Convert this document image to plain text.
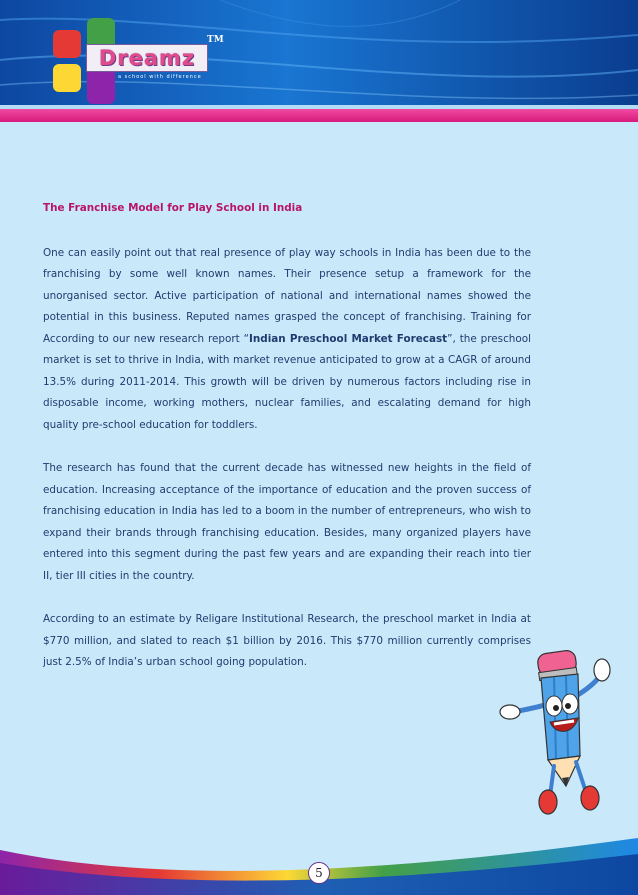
Dreamz
a school with difference
TM
The Franchise Model for Play School in India

One can easily point out that real presence of play way schools in India has been due to the franchising by some well known names. Their presence setup a framework for the unorganised sector. Active participation of national and international names showed the potential in this business. Reputed names grasped the concept of franchising. Training for According to our new research report “Indian Preschool Market Forecast”, the preschool market is set to thrive in India, with market revenue anticipated to grow at a CAGR of around 13.5% during 2011-2014. This growth will be driven by numerous factors including rise in disposable income, working mothers, nuclear families, and escalating demand for high quality pre-school education for toddlers.

The research has found that the current decade has witnessed new heights in the field of education. Increasing acceptance of the importance of education and the proven success of franchising education in India has led to a boom in the number of entrepreneurs, who wish to expand their brands through franchising education. Besides, many organized players have entered into this segment during the past few years and are expanding their reach into tier II, tier III cities in the country.

According to an estimate by Religare Institutional Research, the preschool market in India at $770 million, and slated to reach $1 billion by 2016. This $770 million currently comprises just 2.5% of India’s urban school going population.

5
